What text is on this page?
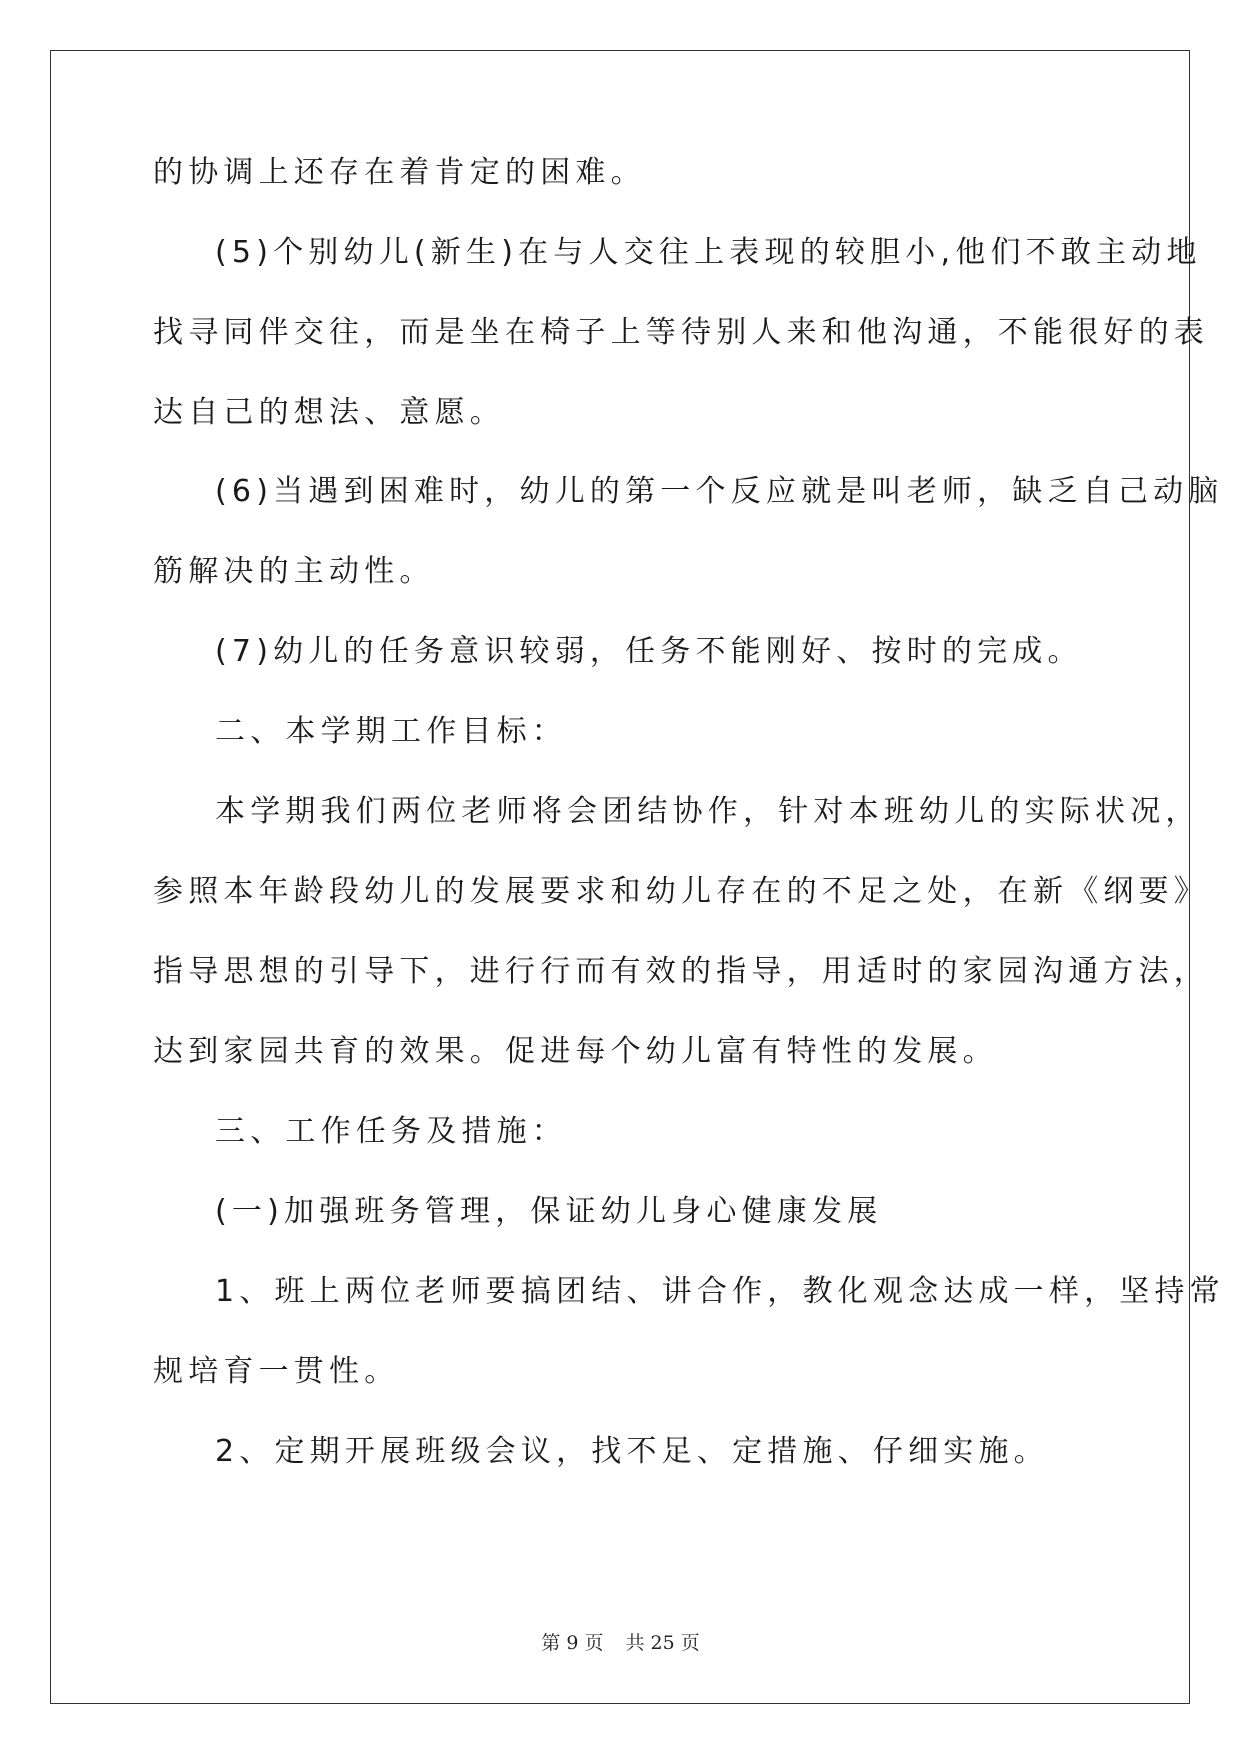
的协调上还存在着肯定的困难。
(5)个别幼儿(新生)在与人交往上表现的较胆小,他们不敢主动地
找寻同伴交往，而是坐在椅子上等待别人来和他沟通，不能很好的表
达自己的想法、意愿。
(6)当遇到困难时，幼儿的第一个反应就是叫老师，缺乏自己动脑
筋解决的主动性。
(7)幼儿的任务意识较弱，任务不能刚好、按时的完成。
二、本学期工作目标：
本学期我们两位老师将会团结协作，针对本班幼儿的实际状况，
参照本年龄段幼儿的发展要求和幼儿存在的不足之处，在新《纲要》
指导思想的引导下，进行行而有效的指导，用适时的家园沟通方法，
达到家园共育的效果。促进每个幼儿富有特性的发展。
三、工作任务及措施：
(一)加强班务管理，保证幼儿身心健康发展
1、班上两位老师要搞团结、讲合作，教化观念达成一样，坚持常
规培育一贯性。
2、定期开展班级会议，找不足、定措施、仔细实施。
第 9 页 共 25 页
